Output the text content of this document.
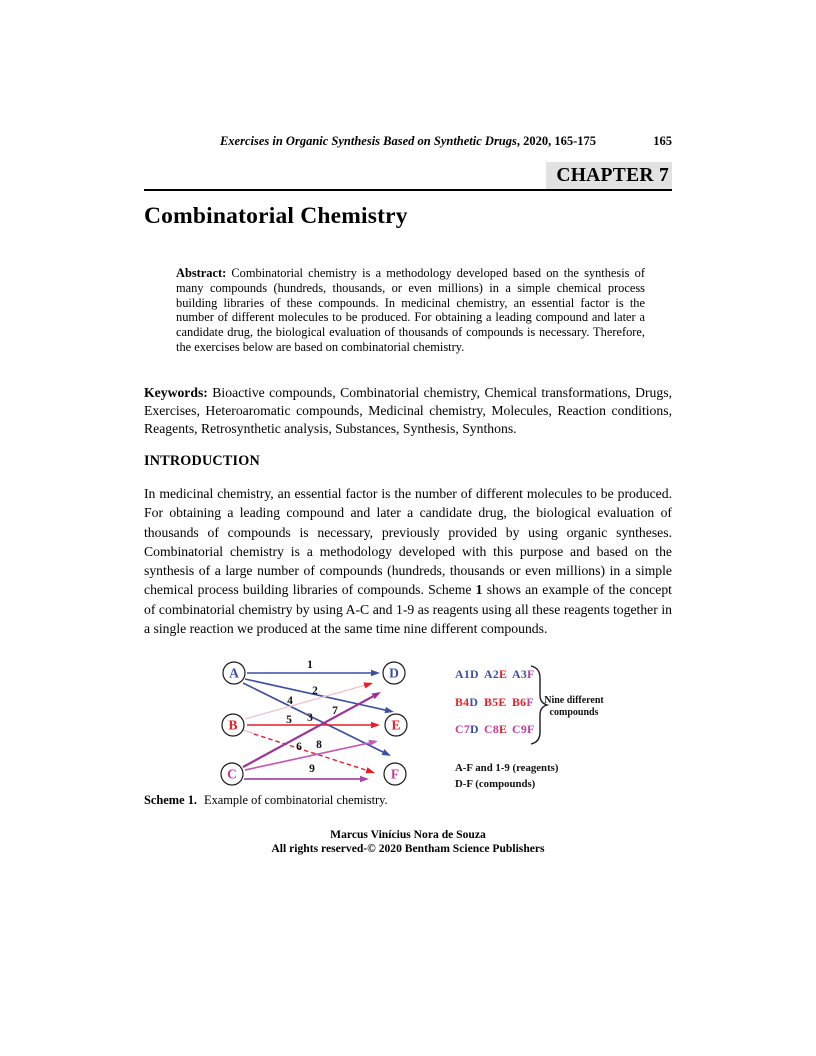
Exercises in Organic Synthesis Based on Synthetic Drugs, 2020, 165-175	165
CHAPTER 7
Combinatorial Chemistry

Abstract: Combinatorial chemistry is a methodology developed based on the synthesis of many compounds (hundreds, thousands, or even millions) in a simple chemical process building libraries of these compounds. In medicinal chemistry, an essential factor is the number of different molecules to be produced. For obtaining a leading compound and later a candidate drug, the biological evaluation of thousands of compounds is necessary. Therefore, the exercises below are based on combinatorial chemistry.

Keywords: Bioactive compounds, Combinatorial chemistry, Chemical transformations, Drugs, Exercises, Heteroaromatic compounds, Medicinal chemistry, Molecules, Reaction conditions, Reagents, Retrosynthetic analysis, Substances, Synthesis, Synthons.

INTRODUCTION

In medicinal chemistry, an essential factor is the number of different molecules to be produced. For obtaining a leading compound and later a candidate drug, the biological evaluation of thousands of compounds is necessary, previously provided by using organic syntheses. Combinatorial chemistry is a methodology developed with this purpose and based on the synthesis of a large number of compounds (hundreds, thousands or even millions) in a simple chemical process building libraries of compounds. Scheme 1 shows an example of the concept of combinatorial chemistry by using A-C and 1-9 as reagents using all these reagents together in a single reaction we produced at the same time nine different compounds.

1
2
3
4
5
6
7
8
9
A	D
B	E
C	F
A1D A2E A3F
B4D B5E B6F
C7D C8E C9F
Nine different
compounds
A-F and 1-9 (reagents)
D-F (compounds)

Scheme 1. Example of combinatorial chemistry.

Marcus Vinícius Nora de Souza
All rights reserved-© 2020 Bentham Science Publishers
